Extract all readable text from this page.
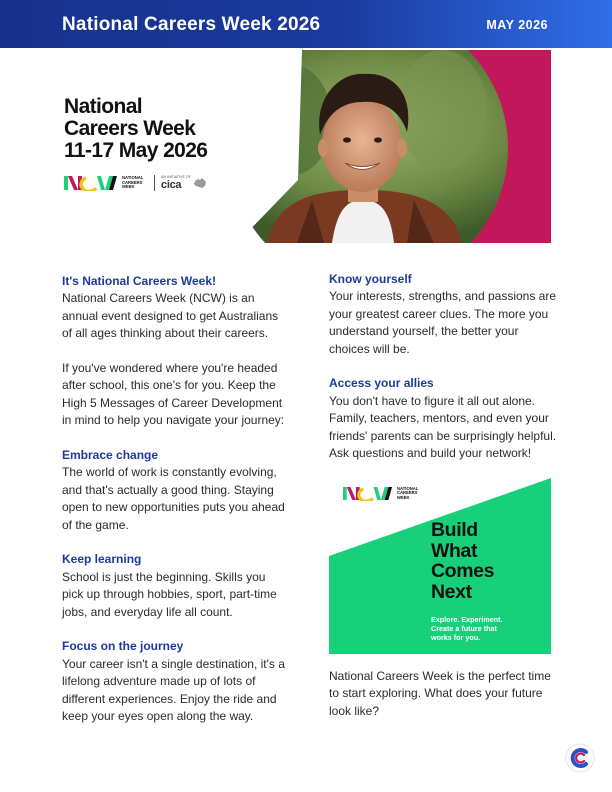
National Careers Week 2026	MAY 2026
National
Careers Week
11-17 May 2026
NATIONAL
CAREERS
WEEK
AN INITIATIVE OF
cica
It's National Careers Week!

National Careers Week (NCW) is an annual event designed to get Australians of all ages thinking about their careers.

If you've wondered where you're headed after school, this one's for you. Keep the High 5 Messages of Career Development in mind to help you navigate your journey:

Embrace change

The world of work is constantly evolving, and that's actually a good thing. Staying open to new opportunities puts you ahead of the game.

Keep learning

School is just the beginning. Skills you pick up through hobbies, sport, part-time jobs, and everyday life all count.

Focus on the journey

Your career isn't a single destination, it's a lifelong adventure made up of lots of different experiences. Enjoy the ride and keep your eyes open along the way.

Know yourself

Your interests, strengths, and passions are your greatest career clues. The more you understand yourself, the better your choices will be.

Access your allies

You don't have to figure it all out alone. Family, teachers, mentors, and even your friends' parents can be surprisingly helpful. Ask questions and build your network!

NATIONAL
CAREERS
WEEK
Build
What
Comes
Next
Explore. Experiment.
Create a future that
works for you.
National Careers Week is the perfect time to start exploring. What does your future look like?
